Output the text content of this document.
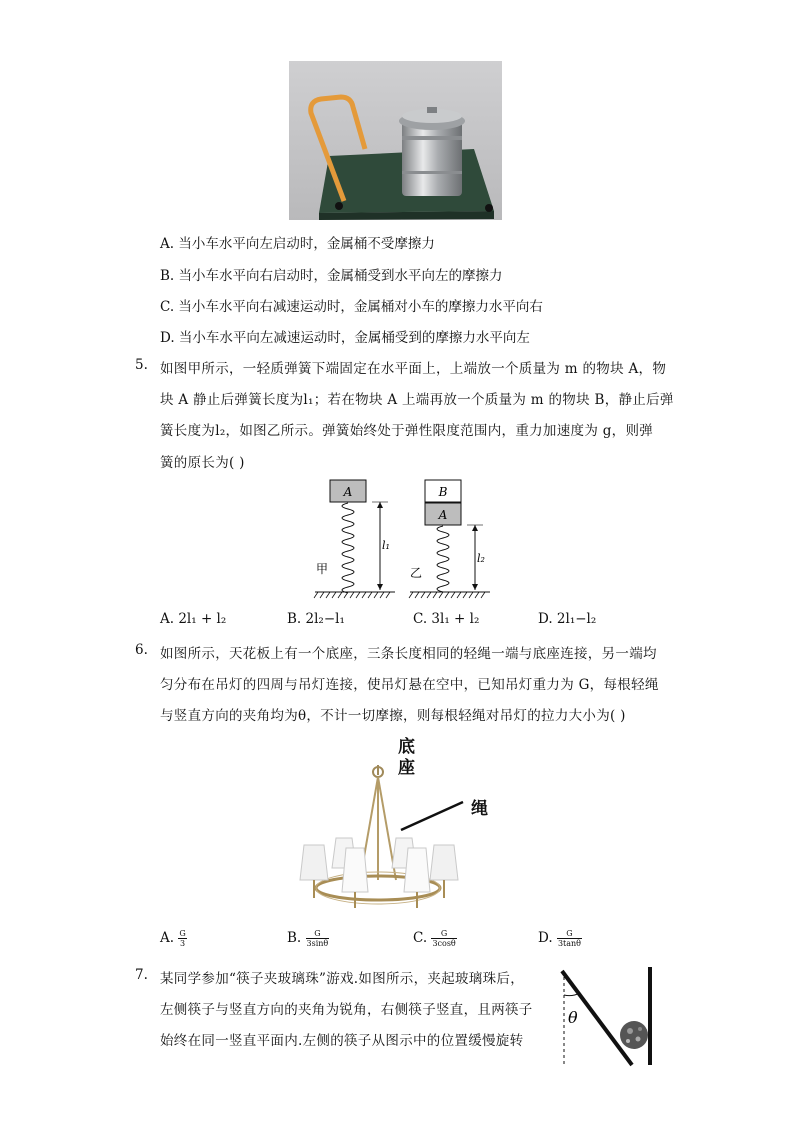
A. 当小车水平向左启动时，金属桶不受摩擦力
B. 当小车水平向右启动时，金属桶受到水平向左的摩擦力
C. 当小车水平向右减速运动时，金属桶对小车的摩擦力水平向右
D. 当小车水平向左减速运动时，金属桶受到的摩擦力水平向左
5. 如图甲所示，一轻质弹簧下端固定在水平面上，上端放一个质量为 m 的物块 A，物
块 A 静止后弹簧长度为l₁；若在物块 A 上端再放一个质量为 m 的物块 B，静止后弹
簧长度为l₂，如图乙所示。弹簧始终处于弹性限度范围内，重力加速度为 g，则弹
簧的原长为( )
A
l₁
甲
B
A
l₂
乙
A. 2l₁ + l₂	B. 2l₂−l₁	C. 3l₁ + l₂	D. 2l₁−l₂
6. 如图所示，天花板上有一个底座，三条长度相同的轻绳一端与底座连接，另一端均
匀分布在吊灯的四周与吊灯连接，使吊灯悬在空中，已知吊灯重力为 G，每根轻绳
与竖直方向的夹角均为θ，不计一切摩擦，则每根轻绳对吊灯的拉力大小为( )
底
座
绳
A. $\frac{G}{3}$	B. $\frac{G}{3\sin\theta}$	C. $\frac{G}{3\cos\theta}$	D. $\frac{G}{3\tan\theta}$
7. 某同学参加“筷子夹玻璃珠”游戏.如图所示，夹起玻璃珠后，
左侧筷子与竖直方向的夹角为锐角，右侧筷子竖直，且两筷子
始终在同一竖直平面内.左侧的筷子从图示中的位置缓慢旋转
θ
